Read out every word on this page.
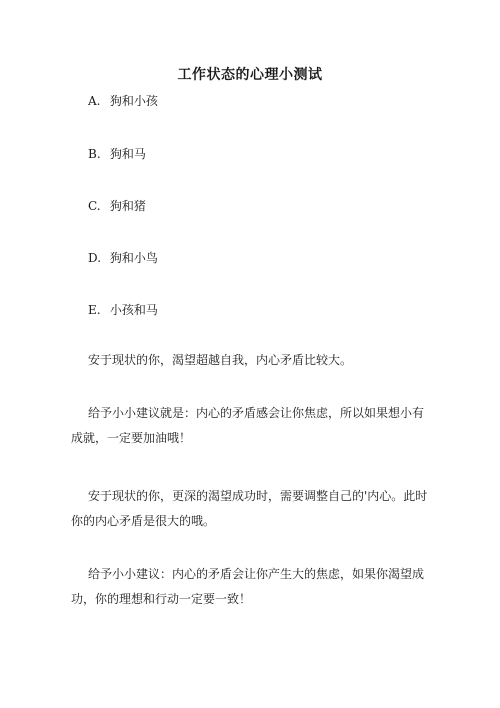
工作状态的心理小测试
A. 狗和小孩
B. 狗和马
C. 狗和猪
D. 狗和小鸟
E. 小孩和马
安于现状的你，渴望超越自我，内心矛盾比较大。
给予小小建议就是：内心的矛盾感会让你焦虑，所以如果想小有成就，一定要加油哦！
安于现状的你，更深的渴望成功时，需要调整自己的'内心。此时你的内心矛盾是很大的哦。
给予小小建议：内心的矛盾会让你产生大的焦虑，如果你渴望成功，你的理想和行动一定要一致！
